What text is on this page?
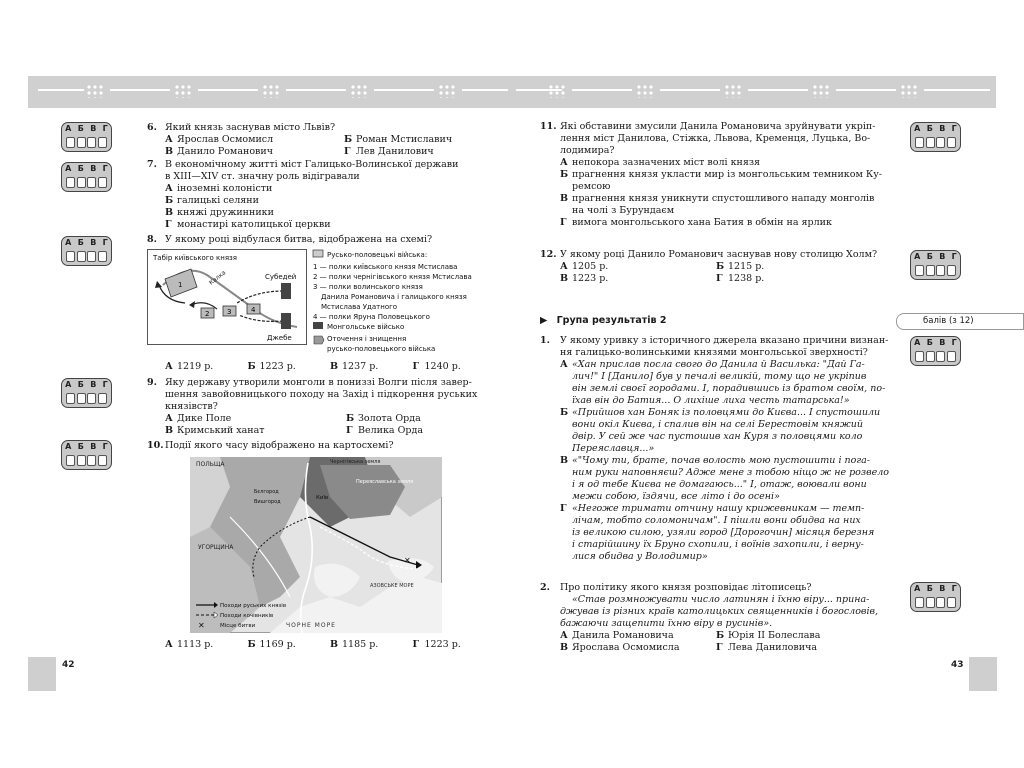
42
А Б В Г
А Б В Г
А Б В Г
А Б В Г
А Б В Г
6. Який князь заснував місто Львів?
А Ярослав Осмомисл	Б Роман Мстиславич
В Данило Романович	Г Лев Данилович
7. В економічному житті міст Галицько-Волинської держави
в XIII—XIV ст. значну роль відігравали
А іноземні колоністи
Б галицькі селяни
В княжі дружинники
Г монастирі католицької церкви
8. У якому році відбулася битва, відображена на схемі?
Табір київського князя
Калка
1
2	3	4
Субедей
Джебе
Русько-половецькі війська:
1 — полки київського князя Мстислава
2 — полки чернігівського князя Мстислава
3 — полки волинського князя
Данила Романовича і галицького князя
Мстислава Удатного
4 — полки Яруна Половецького
Монгольське військо
Оточення і знищення
русько-половецького війська
А 1219 р.	Б 1223 р.	В 1237 р.	Г 1240 р.
9. Яку державу утворили монголи в пониззі Волги після завер-
шення завойовницького походу на Захід і підкорення руських
князівств?
А Дике Поле	Б Золота Орда
В Кримський ханат	Г Велика Орда
10.Події якого часу відображено на картосхемі?
✕
ПОЛЬЩА
УГОРЩИНА
Чернігівська земля
Переяславська земля
Київ
Бєлгород
Вишгород
ЧОРНЕ МОРЕ
АЗОВСЬКЕ МОРЕ
Походи руських князів
Походи кочівників
✕	Місце битви
А 1113 р.	Б 1169 р.	В 1185 р.	Г 1223 р.
43
А Б В Г
А Б В Г
А Б В Г
А Б В Г
11. Які обставини змусили Данила Романовича зруйнувати укріп-
лення міст Данилова, Стіжка, Львова, Кременця, Луцька, Во-
лодимира?
А непокора зазначених міст волі князя
Б прагнення князя укласти мир із монгольським темником Ку-
ремсою
В прагнення князя уникнути спустошливого нападу монголів
на чолі з Бурундаєм
Г вимога монгольського хана Батия в обмін на ярлик
12. У якому році Данило Романович заснував нову столицю Холм?
А 1205 р.	Б 1215 р.
В 1223 р.	Г 1238 р.
▶ Група результатів 2	балів (з 12)
1. У якому уривку з історичного джерела вказано причини визнан-
ня галицько-волинськими князями монгольської зверхності?
А «Хан прислав посла свого до Данила й Василька: "Дай Га-
лич!" І [Данило] був у печалі великій, тому що не укріпив
він землі своєї городами. І, порадившись із братом своїм, по-
їхав він до Батия... О лихіше лиха честь татарська!»
Б «Прийшов хан Боняк із половцями до Києва... І спустошили
вони окіл Києва, і спалив він на селі Берестовім княжий
двір. У сей же час пустошив хан Куря з половцями коло
Переяславця...»
В «"Чому ти, брате, почав волость мою пустошити і пога-
ним руки наповняєш? Адже мене з тобою ніщо ж не розвело
і я од тебе Києва не домагаюсь..." І, отаж, воювали вони
межи собою, їздячи, все літо і до осені»
Г «Негоже тримати отчину нашу крижевникам — темп-
лічам, тобто соломоничам". І пішли вони обидва на них
із великою силою, узяли город [Дорогочин] місяця березня
і старійшину їх Бруно схопили, і воїнів захопили, і верну-
лися обидва у Володимир»
2. Про політику якого князя розповідає літописець?
«Став розмножувати число латинян і їхню віру... прина-
джував із різних країв католицьких священників і богословів,
бажаючи защепити їхню віру в русинів».
А Данила Романовича	Б Юрія ІІ Болеслава
В Ярослава Осмомисла	Г Лева Даниловича
